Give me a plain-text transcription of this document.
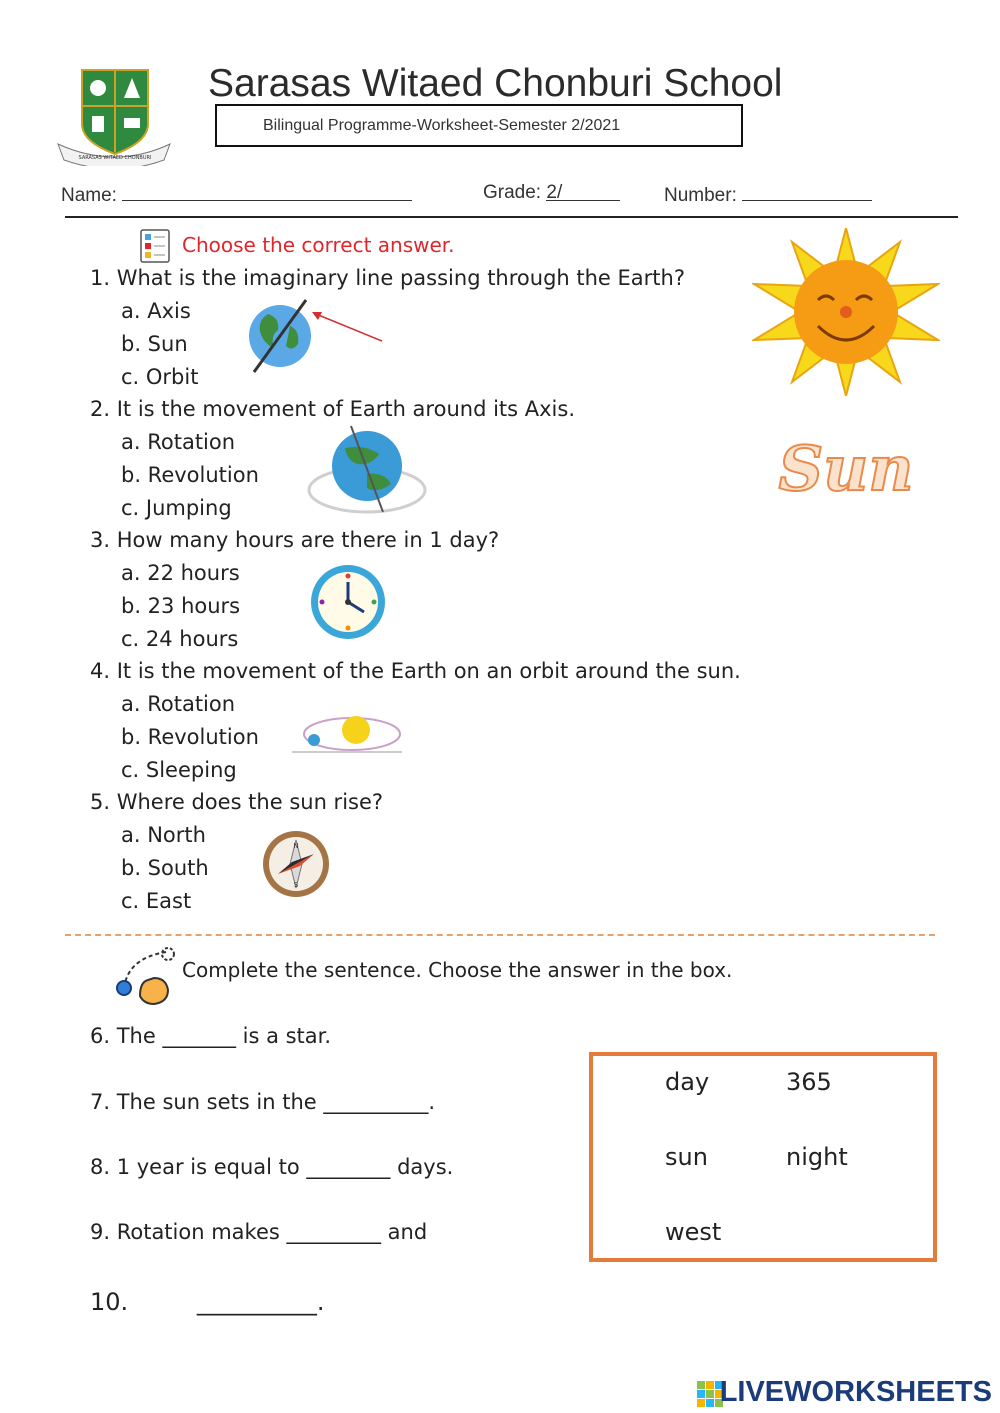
SARASAS WITAED CHONBURI
Sarasas Witaed Chonburi School
Bilingual Programme-Worksheet-Semester 2/2021
Name:	Grade: 2/	Number:
Choose the correct answer.
1. What is the imaginary line passing through the Earth?
a. Axis
b. Sun
c. Orbit
2. It is the movement of Earth around its Axis.
a. Rotation
b. Revolution
c. Jumping
3. How many hours are there in 1 day?
a. 22 hours
b. 23 hours
c. 24 hours
4. It is the movement of the Earth on an orbit around the sun.
a. Rotation
b. Revolution
c. Sleeping
5. Where does the sun rise?
a. North
b. South
c. East
N
S
Sun
Complete the sentence. Choose the answer in the box.
6. The _______ is a star.
7. The sun sets in the __________.
8. 1 year is equal to ________ days.
9. Rotation makes _________ and
10.         __________.
day	365
sun	night
west
LIVEWORKSHEETS
